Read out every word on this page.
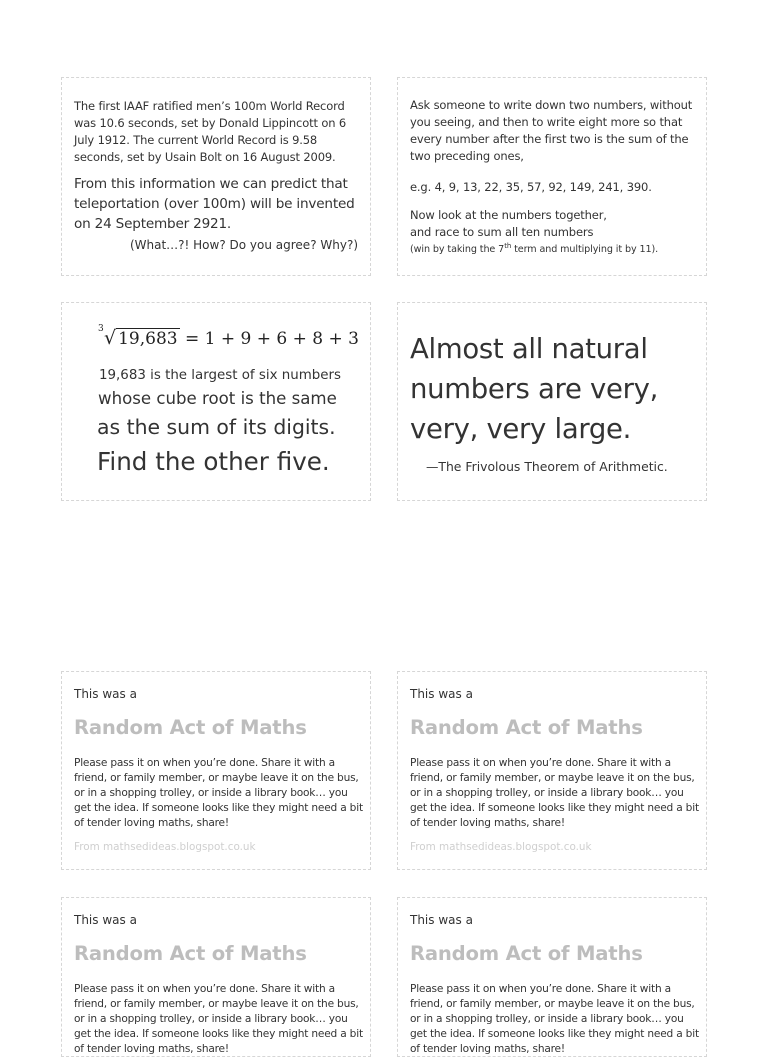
The first IAAF ratified men’s 100m World Record was 10.6 seconds, set by Donald Lippincott on 6 July 1912. The current World Record is 9.58 seconds, set by Usain Bolt on 16 August 2009.

From this information we can predict that teleportation (over 100m) will be invented on 24 September 2921.

(What…?! How? Do you agree? Why?)

Ask someone to write down two numbers, without you seeing, and then to write eight more so that every number after the first two is the sum of the two preceding ones,

e.g. 4, 9, 13, 22, 35, 57, 92, 149, 241, 390.

Now look at the numbers together,

and race to sum all ten numbers

(win by taking the 7th term and multiplying it by 11).

3 √ 19,683 = 1 + 9 + 6 + 8 + 3

19,683 is the largest of six numbers

whose cube root is the same

as the sum of its digits.

Find the other five.

Almost all natural numbers are very, very, very large.

—The Frivolous Theorem of Arithmetic.

This was a

Random Act of Maths

Please pass it on when you’re done. Share it with a friend, or family member, or maybe leave it on the bus, or in a shopping trolley, or inside a library book… you get the idea. If someone looks like they might need a bit of tender loving maths, share!

From mathsedideas.blogspot.co.uk

This was a

Random Act of Maths

Please pass it on when you’re done. Share it with a friend, or family member, or maybe leave it on the bus, or in a shopping trolley, or inside a library book… you get the idea. If someone looks like they might need a bit of tender loving maths, share!

From mathsedideas.blogspot.co.uk

This was a

Random Act of Maths

Please pass it on when you’re done. Share it with a friend, or family member, or maybe leave it on the bus, or in a shopping trolley, or inside a library book… you get the idea. If someone looks like they might need a bit of tender loving maths, share!

This was a

Random Act of Maths

Please pass it on when you’re done. Share it with a friend, or family member, or maybe leave it on the bus, or in a shopping trolley, or inside a library book… you get the idea. If someone looks like they might need a bit of tender loving maths, share!
